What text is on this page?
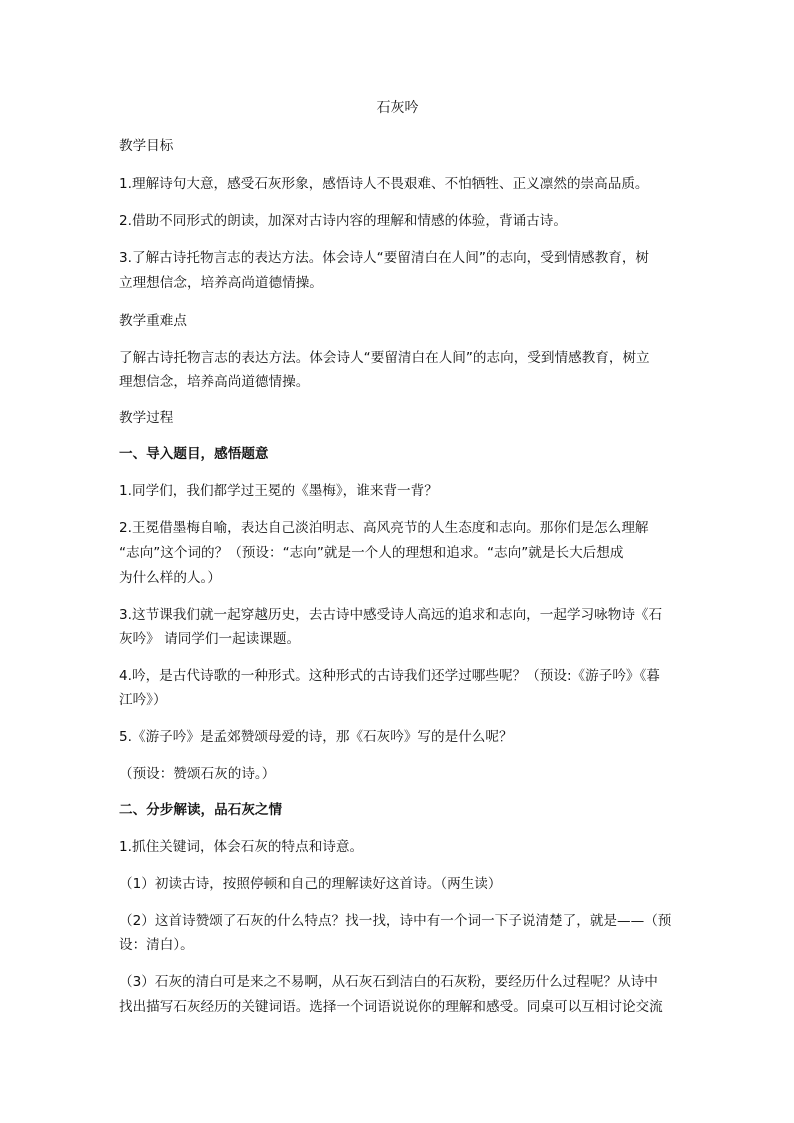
石灰吟
教学目标
1.理解诗句大意，感受石灰形象，感悟诗人不畏艰难、不怕牺牲、正义凛然的崇高品质。
2.借助不同形式的朗读，加深对古诗内容的理解和情感的体验，背诵古诗。
3.了解古诗托物言志的表达方法。体会诗人“要留清白在人间”的志向，受到情感教育，树
立理想信念，培养高尚道德情操。
教学重难点
了解古诗托物言志的表达方法。体会诗人“要留清白在人间”的志向，受到情感教育，树立
理想信念，培养高尚道德情操。
教学过程
一、导入题目，感悟题意
1.同学们，我们都学过王冕的《墨梅》，谁来背一背？
2.王冕借墨梅自喻，表达自己淡泊明志、高风亮节的人生态度和志向。那你们是怎么理解
“志向”这个词的？（预设：“志向”就是一个人的理想和追求。“志向”就是长大后想成
为什么样的人。）
3.这节课我们就一起穿越历史，去古诗中感受诗人高远的追求和志向，一起学习咏物诗《石
灰吟》 请同学们一起读课题。
4.吟，是古代诗歌的一种形式。这种形式的古诗我们还学过哪些呢？（预设:《游子吟》《暮
江吟》）
5.《游子吟》是孟郊赞颂母爱的诗，那《石灰吟》写的是什么呢？
（预设：赞颂石灰的诗。）
二、分步解读，品石灰之情
1.抓住关键词，体会石灰的特点和诗意。
（1）初读古诗，按照停顿和自己的理解读好这首诗。（两生读）
（2）这首诗赞颂了石灰的什么特点？找一找，诗中有一个词一下子说清楚了，就是——（预
设：清白）。
（3）石灰的清白可是来之不易啊，从石灰石到洁白的石灰粉，要经历什么过程呢？从诗中
找出描写石灰经历的关键词语。选择一个词语说说你的理解和感受。同桌可以互相讨论交流
